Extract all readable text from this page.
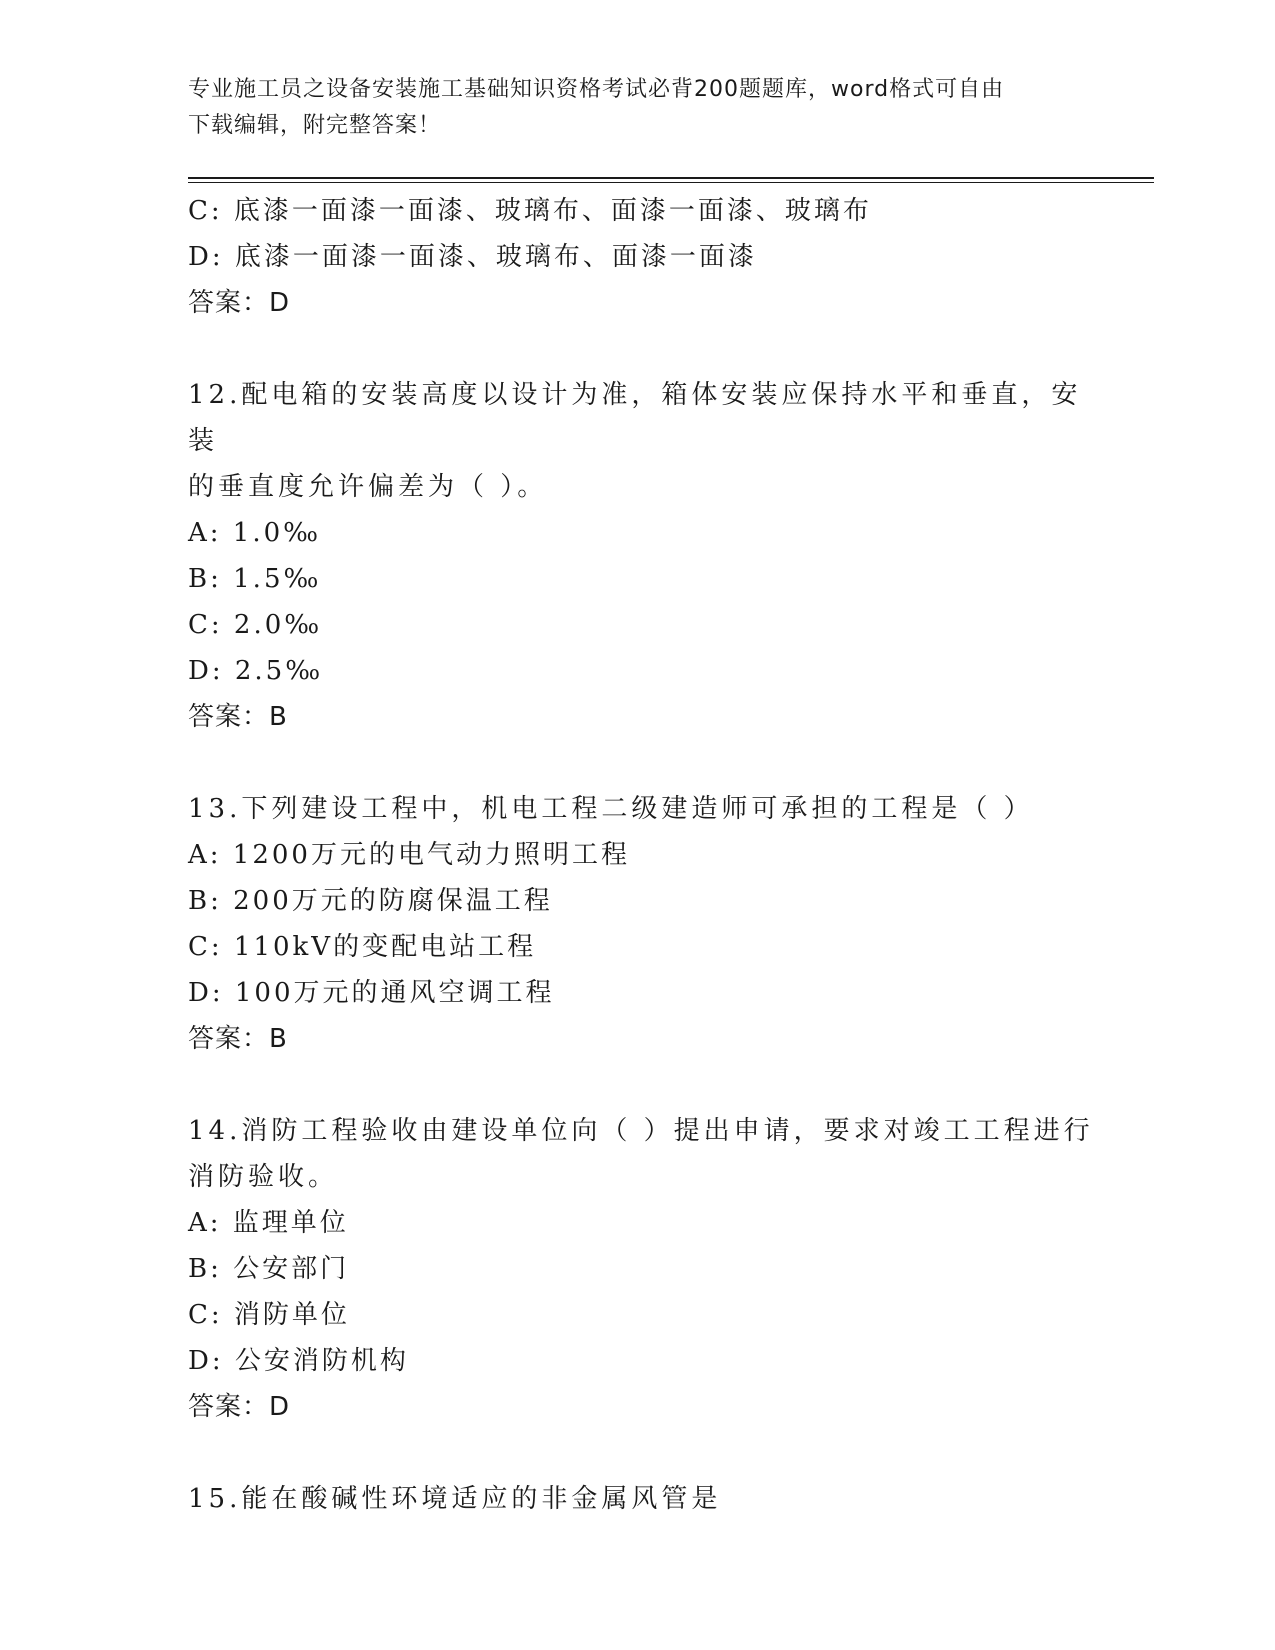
专业施工员之设备安装施工基础知识资格考试必背200题题库，word格式可自由
下载编辑，附完整答案！
C: 底漆一面漆一面漆、玻璃布、面漆一面漆、玻璃布
D: 底漆一面漆一面漆、玻璃布、面漆一面漆
答案：D
12.配电箱的安装高度以设计为准，箱体安装应保持水平和垂直，安装
的垂直度允许偏差为（ ）。
A: 1.0‰
B: 1.5‰
C: 2.0‰
D: 2.5‰
答案：B
13.下列建设工程中，机电工程二级建造师可承担的工程是（ ）
A: 1200万元的电气动力照明工程
B: 200万元的防腐保温工程
C: 110kV的变配电站工程
D: 100万元的通风空调工程
答案：B
14.消防工程验收由建设单位向（ ）提出申请，要求对竣工工程进行
消防验收。
A: 监理单位
B: 公安部门
C: 消防单位
D: 公安消防机构
答案：D
15.能在酸碱性环境适应的非金属风管是
